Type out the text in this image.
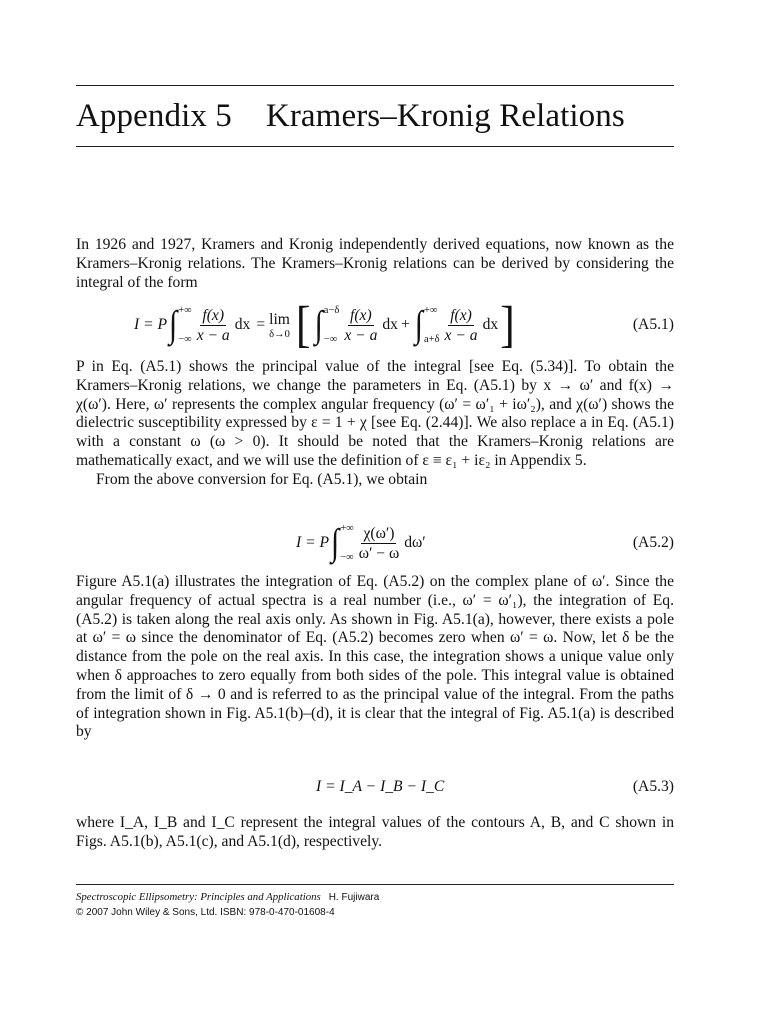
Appendix 5 Kramers–Kronig Relations

In 1926 and 1927, Kramers and Kronig independently derived equations, now known as the Kramers–Kronig relations. The Kramers–Kronig relations can be derived by considering the integral of the form

I = P ∫ +∞
−∞ $\frac{f(x)}{x - a}$ dx = lim
δ→0 [ ∫ a−δ
−∞ $\frac{f(x)}{x - a}$ dx + ∫ +∞
$a+\delta \frac{f(x)}{x - a}$ dx ]	(A5.1)

P in Eq. (A5.1) shows the principal value of the integral [see Eq. (5.34)]. To obtain the Kramers–Kronig relations, we change the parameters in Eq. (A5.1) by x → ω′ and f(x) → χ(ω′). Here, ω′ represents the complex angular frequency (ω′ = ω′₁ + iω′₂), and χ(ω′) shows the dielectric susceptibility expressed by ε = 1 + χ [see Eq. (2.44)]. We also replace a in Eq. (A5.1) with a constant ω (ω > 0). It should be noted that the Kramers–Kronig relations are mathematically exact, and we will use the definition of ε ≡ ε₁ + iε₂ in Appendix 5.

From the above conversion for Eq. (A5.1), we obtain

I = P ∫ +∞
−∞ $\frac{\chi(\omega')}{\omega' - \omega} d\omega'$	(A5.2)

Figure A5.1(a) illustrates the integration of Eq. (A5.2) on the complex plane of ω′. Since the angular frequency of actual spectra is a real number (i.e., ω′ = ω′₁), the integration of Eq. (A5.2) is taken along the real axis only. As shown in Fig. A5.1(a), however, there exists a pole at ω′ = ω since the denominator of Eq. (A5.2) becomes zero when ω′ = ω. Now, let δ be the distance from the pole on the real axis. In this case, the integration shows a unique value only when δ approaches to zero equally from both sides of the pole. This integral value is obtained from the limit of δ → 0 and is referred to as the principal value of the integral. From the paths of integration shown in Fig. A5.1(b)–(d), it is clear that the integral of Fig. A5.1(a) is described by

I = I_A − I_B − I_C	(A5.3)

where I_A, I_B and I_C represent the integral values of the contours A, B, and C shown in Figs. A5.1(b), A5.1(c), and A5.1(d), respectively.

Spectroscopic Ellipsometry: Principles and Applications H. Fujiwara
© 2007 John Wiley & Sons, Ltd. ISBN: 978-0-470-01608-4
